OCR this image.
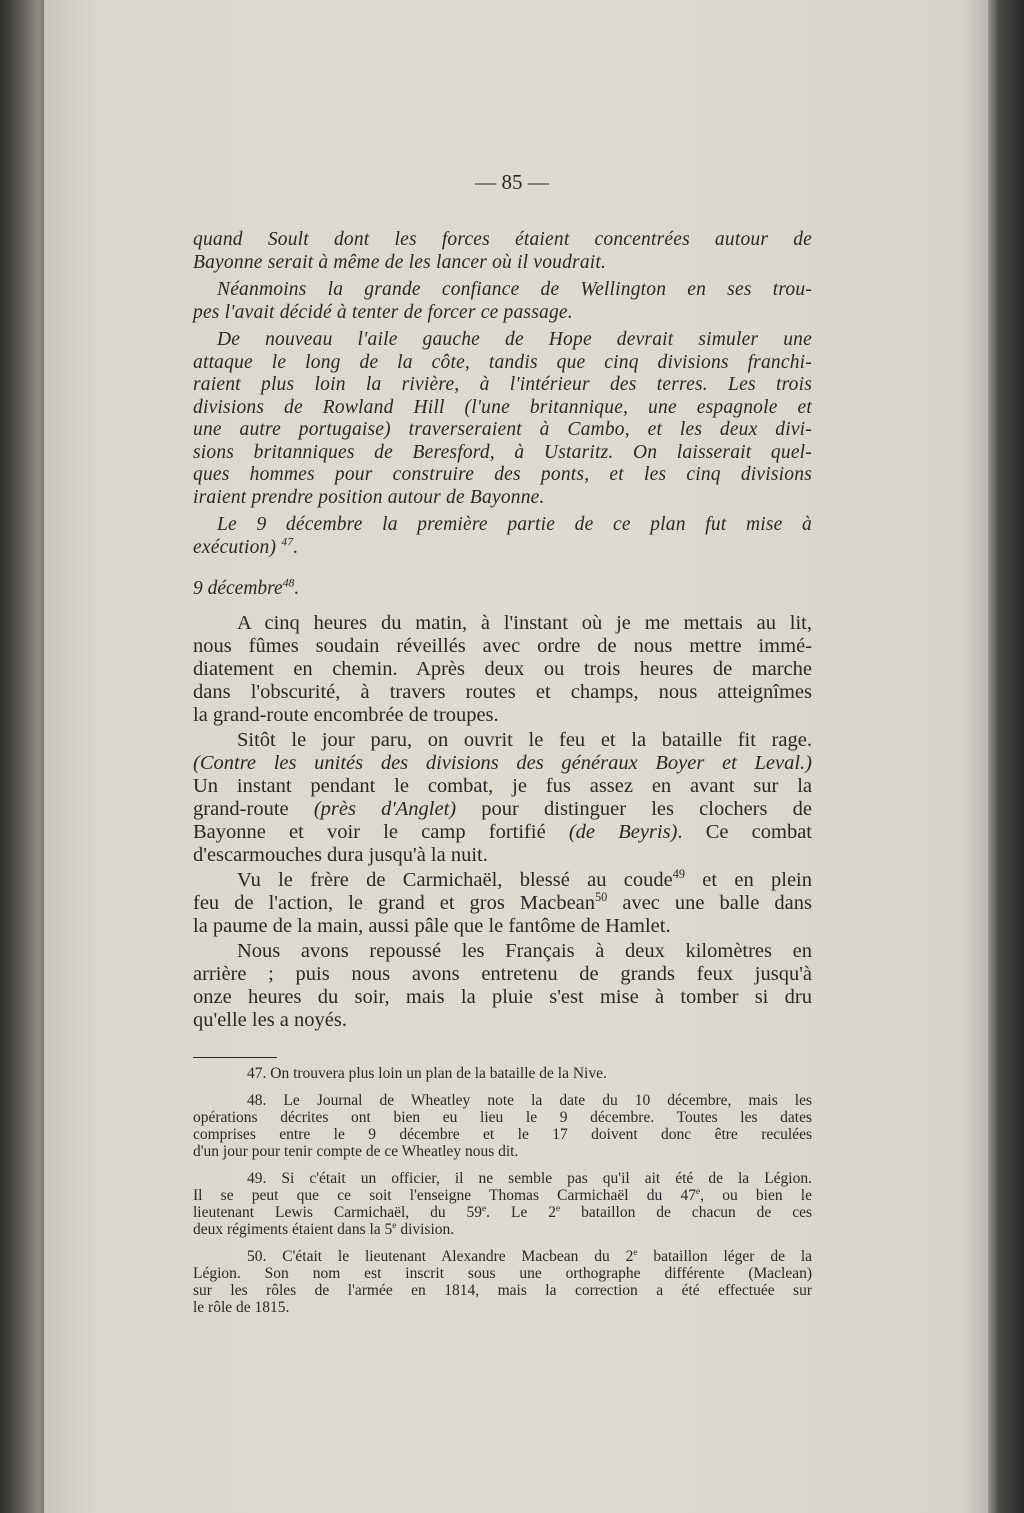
— 85 —
quand Soult dont les forces étaient concentrées autour de
Bayonne serait à même de les lancer où il voudrait.
Néanmoins la grande confiance de Wellington en ses trou-
pes l'avait décidé à tenter de forcer ce passage.
De nouveau l'aile gauche de Hope devrait simuler une
attaque le long de la côte, tandis que cinq divisions franchi-
raient plus loin la rivière, à l'intérieur des terres. Les trois
divisions de Rowland Hill (l'une britannique, une espagnole et
une autre portugaise) traverseraient à Cambo, et les deux divi-
sions britanniques de Beresford, à Ustaritz. On laisserait quel-
ques hommes pour construire des ponts, et les cinq divisions
iraient prendre position autour de Bayonne.
Le 9 décembre la première partie de ce plan fut mise à
exécution) $^{47}$.
9 décembre$^{48}$.
A cinq heures du matin, à l'instant où je me mettais au lit,
nous fûmes soudain réveillés avec ordre de nous mettre immé-
diatement en chemin. Après deux ou trois heures de marche
dans l'obscurité, à travers routes et champs, nous atteignîmes
la grand-route encombrée de troupes.
Sitôt le jour paru, on ouvrit le feu et la bataille fit rage.
(Contre les unités des divisions des généraux Boyer et Leval.)
Un instant pendant le combat, je fus assez en avant sur la
grand-route (près d'Anglet) pour distinguer les clochers de
Bayonne et voir le camp fortifié (de Beyris). Ce combat
d'escarmouches dura jusqu'à la nuit.
Vu le frère de Carmichaël, blessé au coude$^{49}$ et en plein
feu de l'action, le grand et gros Macbean$^{50}$ avec une balle dans
la paume de la main, aussi pâle que le fantôme de Hamlet.
Nous avons repoussé les Français à deux kilomètres en
arrière ; puis nous avons entretenu de grands feux jusqu'à
onze heures du soir, mais la pluie s'est mise à tomber si dru
qu'elle les a noyés.
47. On trouvera plus loin un plan de la bataille de la Nive.
48. Le Journal de Wheatley note la date du 10 décembre, mais les
opérations décrites ont bien eu lieu le 9 décembre. Toutes les dates
comprises entre le 9 décembre et le 17 doivent donc être reculées
d'un jour pour tenir compte de ce Wheatley nous dit.
49. Si c'était un officier, il ne semble pas qu'il ait été de la Légion.
Il se peut que ce soit l'enseigne Thomas Carmichaël du 47e, ou bien le
lieutenant Lewis Carmichaël, du 59e. Le 2e bataillon de chacun de ces
deux régiments étaient dans la 5e division.
50. C'était le lieutenant Alexandre Macbean du 2e bataillon léger de la
Légion. Son nom est inscrit sous une orthographe différente (Maclean)
sur les rôles de l'armée en 1814, mais la correction a été effectuée sur
le rôle de 1815.
